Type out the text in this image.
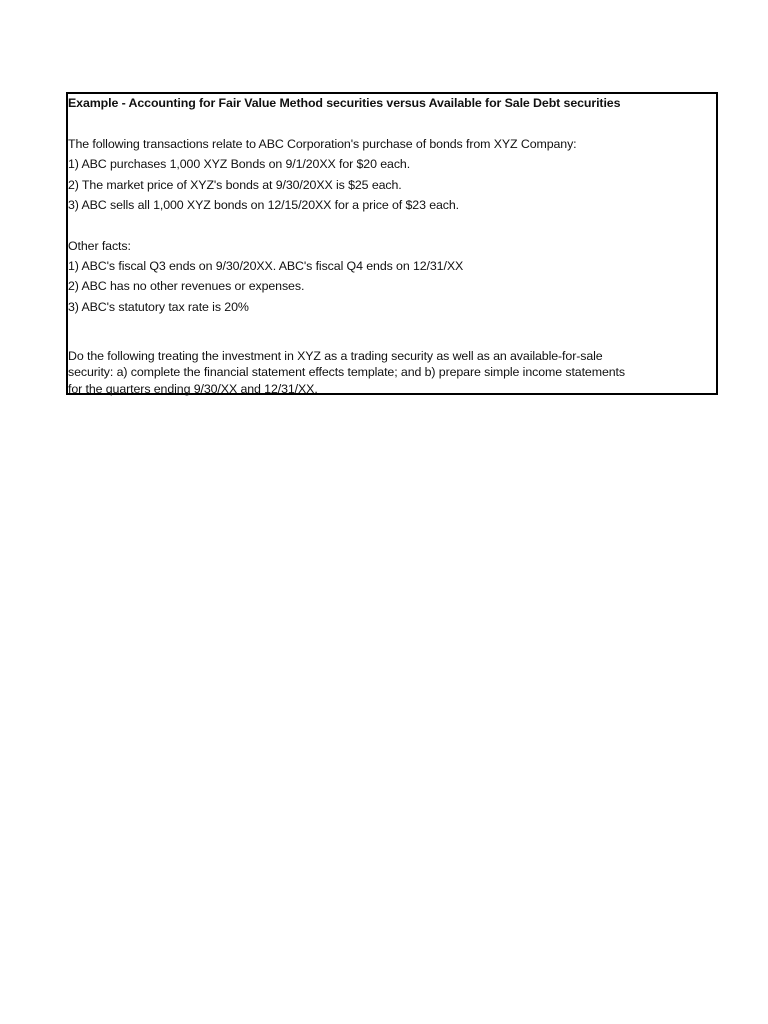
Example - Accounting for Fair Value Method securities versus Available for Sale Debt securities
The following transactions relate to ABC Corporation's purchase of bonds from XYZ Company:
1) ABC purchases 1,000 XYZ Bonds on 9/1/20XX for $20 each.
2) The market price of XYZ's bonds at 9/30/20XX is $25 each.
3) ABC sells all 1,000 XYZ bonds on 12/15/20XX for a price of $23 each.
Other facts:
1) ABC's fiscal Q3 ends on 9/30/20XX. ABC's fiscal Q4 ends on 12/31/XX
2) ABC has no other revenues or expenses.
3) ABC's statutory tax rate is 20%
Do the following treating the investment in XYZ as a trading security as well as an available-for-sale
security: a) complete the financial statement effects template; and b) prepare simple income statements
for the quarters ending 9/30/XX and 12/31/XX.
